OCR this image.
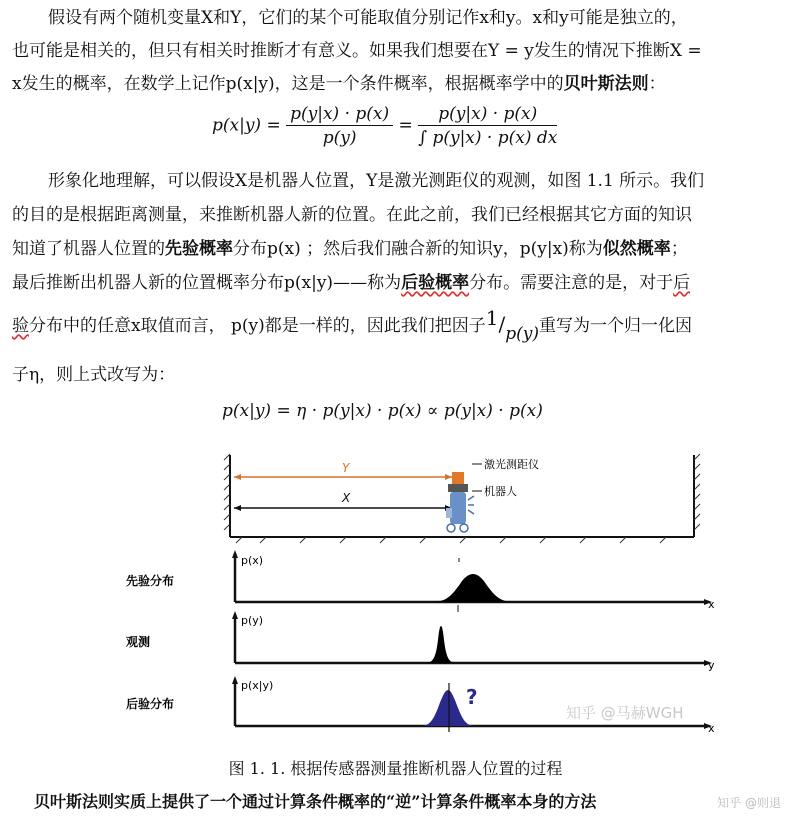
假设有两个随机变量X和Y，它们的某个可能取值分别记作x和y。x和y可能是独立的，
也可能是相关的，但只有相关时推断才有意义。如果我们想要在Y = y发生的情况下推断X =
x发生的概率，在数学上记作p(x|y)，这是一个条件概率，根据概率学中的贝叶斯法则：
$p(x|y) = \frac{p(y|x) \cdot p(x)}{p(y)} = \frac{p(y|x) \cdot p(x)}{\int p(y|x) \cdot p(x) dx}$
形象化地理解，可以假设X是机器人位置，Y是激光测距仪的观测，如图 1.1 所示。我们
的目的是根据距离测量，来推断机器人新的位置。在此之前，我们已经根据其它方面的知识
知道了机器人位置的先验概率分布p(x) ；然后我们融合新的知识y，p(y|x)称为似然概率；
最后推断出机器人新的位置概率分布p(x|y)——称为后验概率分布。需要注意的是，对于后
验分布中的任意x取值而言， p(y)都是一样的，因此我们把因子1/p(y)重写为一个归一化因
子η，则上式改写为：
p(x|y) = η · p(y|x) · p(x) ∝ p(y|x) · p(x)
Y
X
激光测距仪
机器人
先验分布
p(x)
x
观测
p(y)
y
后验分布
p(x|y)
x
?
知乎 @马赫WGH
图 1. 1. 根据传感器测量推断机器人位置的过程
贝叶斯法则实质上提供了一个通过计算条件概率的“逆”计算条件概率本身的方法	知乎 @则退
